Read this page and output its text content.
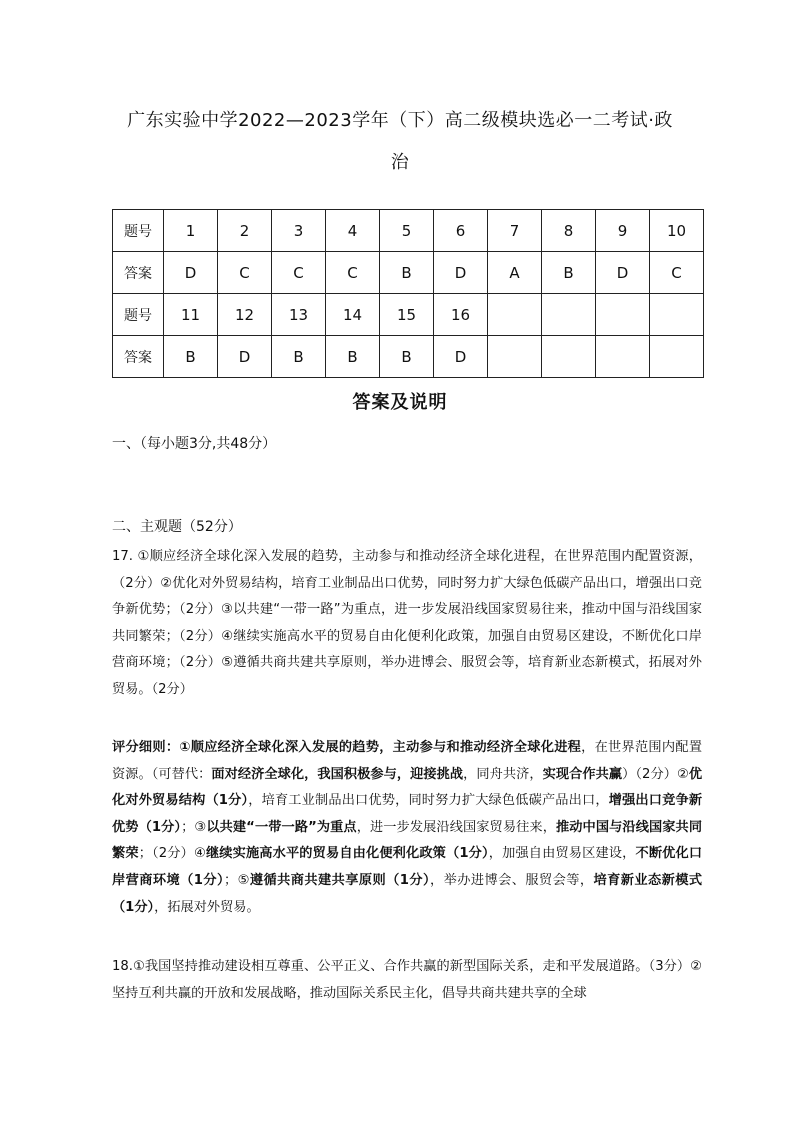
广东实验中学2022—2023学年（下）高二级模块选必一二考试·政
治
题号	1	2	3	4	5	6	7	8	9	10
答案	D	C	C	C	B	D	A	B	D	C
题号	11	12	13	14	15	16				
答案	B	D	B	B	B	D				
答案及说明
一、（每小题3分,共48分）
二、主观题（52分）

17. ①顺应经济全球化深入发展的趋势，主动参与和推动经济全球化进程，在世界范围内配置资源，（2分）②优化对外贸易结构，培育工业制品出口优势，同时努力扩大绿色低碳产品出口，增强出口竞争新优势；（2分）③以共建“一带一路”为重点，进一步发展沿线国家贸易往来，推动中国与沿线国家共同繁荣；（2分）④继续实施高水平的贸易自由化便利化政策，加强自由贸易区建设，不断优化口岸营商环境；（2分）⑤遵循共商共建共享原则，举办进博会、服贸会等，培育新业态新模式，拓展对外贸易。（2分）

评分细则：①顺应经济全球化深入发展的趋势，主动参与和推动经济全球化进程，在世界范围内配置资源。（可替代：面对经济全球化，我国积极参与，迎接挑战，同舟共济，实现合作共赢）（2分）②优化对外贸易结构（1分），培育工业制品出口优势，同时努力扩大绿色低碳产品出口，增强出口竞争新优势（1分）；③以共建“一带一路”为重点，进一步发展沿线国家贸易往来，推动中国与沿线国家共同繁荣；（2分）④继续实施高水平的贸易自由化便利化政策（1分），加强自由贸易区建设，不断优化口岸营商环境（1分）；⑤遵循共商共建共享原则（1分），举办进博会、服贸会等，培育新业态新模式（1分），拓展对外贸易。

18.①我国坚持推动建设相互尊重、公平正义、合作共赢的新型国际关系，走和平发展道路。（3分）②坚持互利共赢的开放和发展战略，推动国际关系民主化，倡导共商共建共享的全球
